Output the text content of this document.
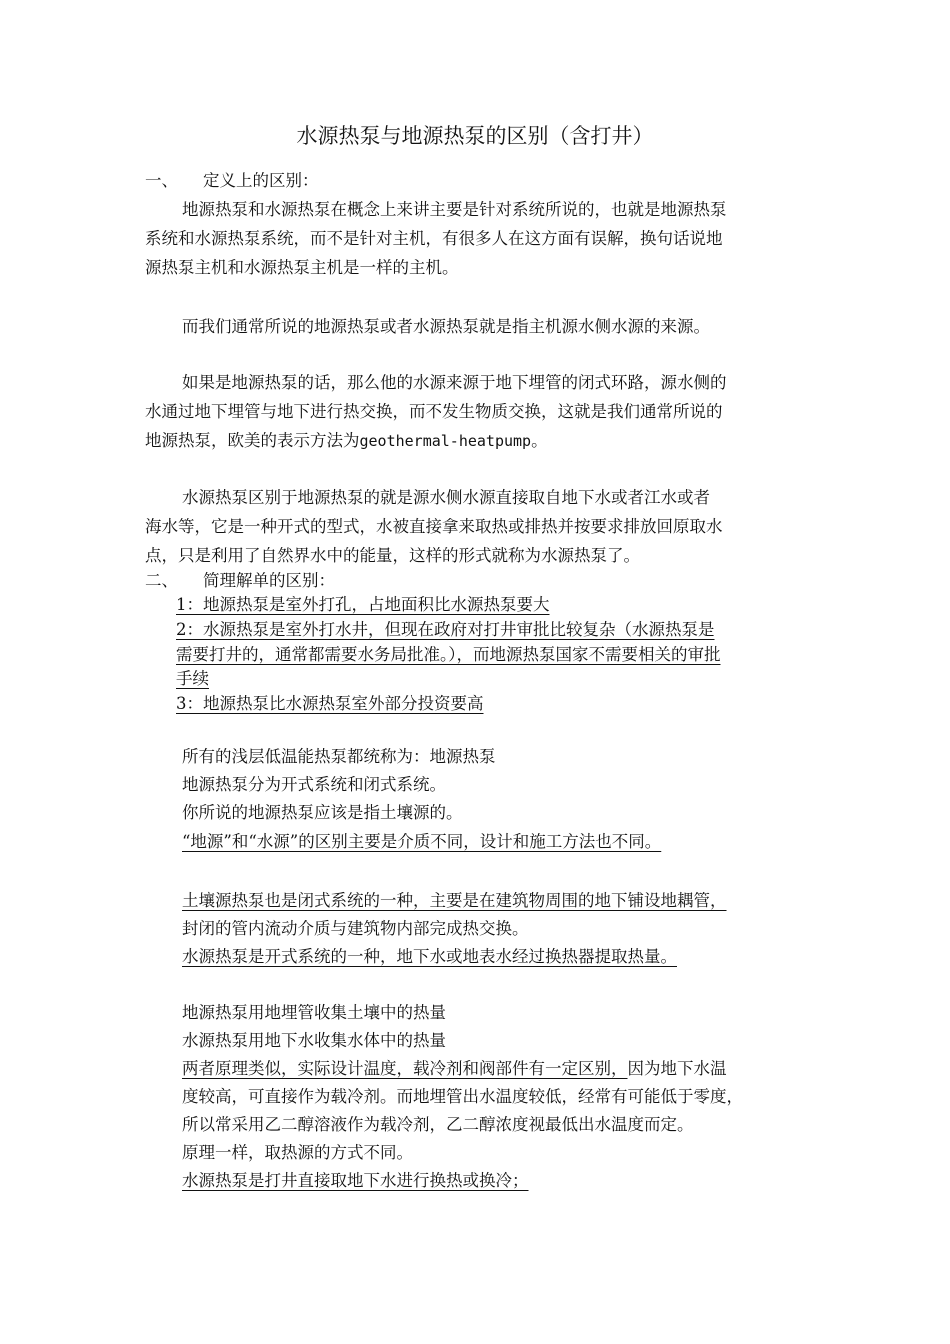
水源热泵与地源热泵的区别（含打井）
一、 定义上的区别：
地源热泵和水源热泵在概念上来讲主要是针对系统所说的，也就是地源热泵
系统和水源热泵系统，而不是针对主机，有很多人在这方面有误解，换句话说地
源热泵主机和水源热泵主机是一样的主机。
而我们通常所说的地源热泵或者水源热泵就是指主机源水侧水源的来源。
如果是地源热泵的话，那么他的水源来源于地下埋管的闭式环路，源水侧的
水通过地下埋管与地下进行热交换，而不发生物质交换，这就是我们通常所说的
地源热泵，欧美的表示方法为geothermal-heatpump。
水源热泵区别于地源热泵的就是源水侧水源直接取自地下水或者江水或者
海水等，它是一种开式的型式，水被直接拿来取热或排热并按要求排放回原取水
点，只是利用了自然界水中的能量，这样的形式就称为水源热泵了。
二、 简理解单的区别：
1：地源热泵是室外打孔，占地面积比水源热泵要大
2：水源热泵是室外打水井，但现在政府对打井审批比较复杂（水源热泵是
需要打井的，通常都需要水务局批准。），而地源热泵国家不需要相关的审批
手续
3：地源热泵比水源热泵室外部分投资要高
所有的浅层低温能热泵都统称为：地源热泵
地源热泵分为开式系统和闭式系统。
你所说的地源热泵应该是指土壤源的。
“地源”和“水源”的区别主要是介质不同，设计和施工方法也不同。
土壤源热泵也是闭式系统的一种，主要是在建筑物周围的地下铺设地耦管，
封闭的管内流动介质与建筑物内部完成热交换。
水源热泵是开式系统的一种，地下水或地表水经过换热器提取热量。
地源热泵用地埋管收集土壤中的热量
水源热泵用地下水收集水体中的热量
两者原理类似，实际设计温度，载冷剂和阀部件有一定区别，因为地下水温
度较高，可直接作为载冷剂。而地埋管出水温度较低，经常有可能低于零度，
所以常采用乙二醇溶液作为载冷剂，乙二醇浓度视最低出水温度而定。
原理一样，取热源的方式不同。
水源热泵是打井直接取地下水进行换热或换冷；
